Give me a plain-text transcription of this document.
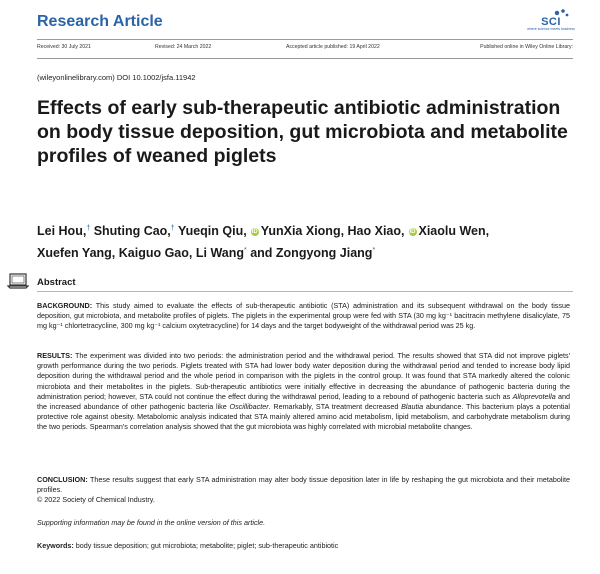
Research Article	SCI
where science meets business
Received: 30 July 2021	Revised: 24 March 2022	Accepted article published: 19 April 2022	Published online in Wiley Online Library:
(wileyonlinelibrary.com) DOI 10.1002/jsfa.11942
Effects of early sub-therapeutic antibiotic administration on body tissue deposition, gut microbiota and metabolite profiles of weaned piglets
Lei Hou,† Shuting Cao,† Yueqin Qiu, iD YunXia Xiong, Hao Xiao, iD Xiaolu Wen,
Xuefen Yang, Kaiguo Gao, Li Wang* and Zongyong Jiang*
Abstract

BACKGROUND: This study aimed to evaluate the effects of sub-therapeutic antibiotic (STA) administration and its subsequent withdrawal on the body tissue deposition, gut microbiota, and metabolite profiles of piglets. The piglets in the experimental group were fed with STA (30 mg kg⁻¹ bacitracin methylene disalicylate, 75 mg kg⁻¹ chlortetracycline, 300 mg kg⁻¹ calcium oxytetracycline) for 14 days and the target bodyweight of the withdrawal period was 25 kg.

RESULTS: The experiment was divided into two periods: the administration period and the withdrawal period. The results showed that STA did not improve piglets' growth performance during the two periods. Piglets treated with STA had lower body water deposition during the withdrawal period and tended to increase body lipid deposition during the withdrawal period and the whole period in comparison with the piglets in the control group. It was found that STA markedly altered the colonic microbiota and their metabolites in the piglets. Sub-therapeutic antibiotics were initially effective in decreasing the abundance of pathogenic bacteria during the administration period; however, STA could not continue the effect during the withdrawal period, leading to a rebound of pathogenic bacteria such as Alloprevotella and the increased abundance of other pathogenic bacteria like Oscillibacter. Remarkably, STA treatment decreased Blautia abundance. This bacterium plays a potential protective role against obesity. Metabolomic analysis indicated that STA mainly altered amino acid metabolism, lipid metabolism, and carbohydrate metabolism during the two periods. Spearman's correlation analysis showed that the gut microbiota was highly correlated with microbial metabolite changes.

CONCLUSION: These results suggest that early STA administration may alter body tissue deposition later in life by reshaping the gut microbiota and their metabolite profiles.
© 2022 Society of Chemical Industry.

Supporting information may be found in the online version of this article.
Keywords: body tissue deposition; gut microbiota; metabolite; piglet; sub-therapeutic antibiotic
